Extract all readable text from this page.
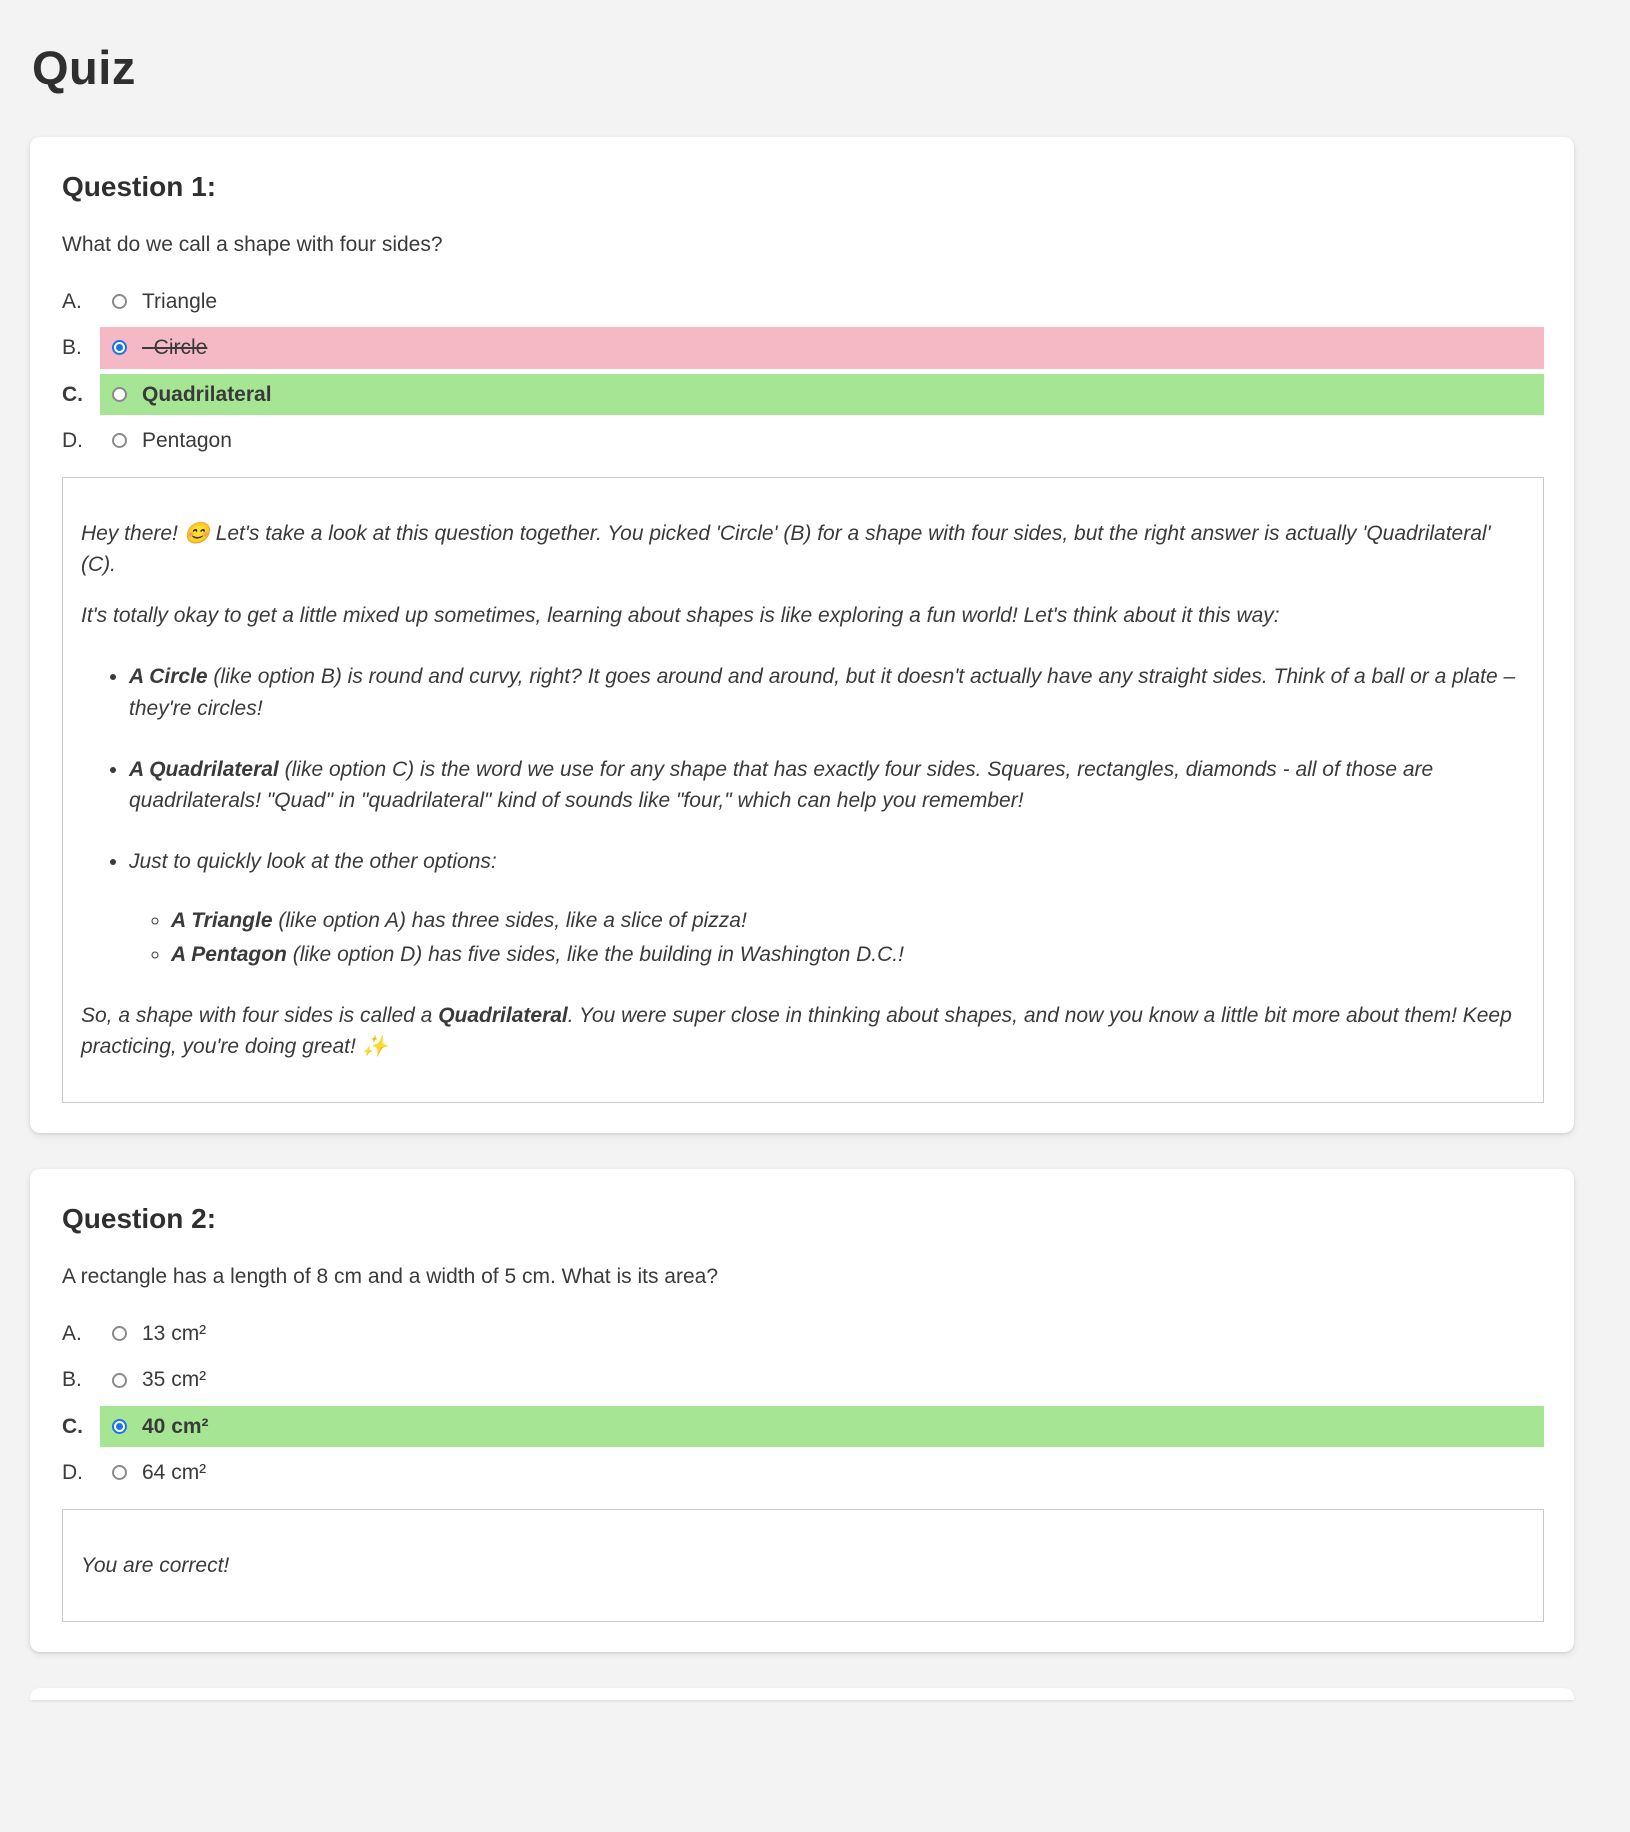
Quiz
Question 1:

What do we call a shape with four sides?

A.	Triangle
B.	Circle
C.	Quadrilateral
D.	Pentagon

Hey there! 😊 Let's take a look at this question together. You picked 'Circle' (B) for a shape with four sides, but the right answer is actually 'Quadrilateral' (C).

It's totally okay to get a little mixed up sometimes, learning about shapes is like exploring a fun world! Let's think about it this way:

• A Circle (like option B) is round and curvy, right? It goes around and around, but it doesn't actually have any straight sides. Think of a ball or a plate – they're circles!
• A Quadrilateral (like option C) is the word we use for any shape that has exactly four sides. Squares, rectangles, diamonds - all of those are quadrilaterals! "Quad" in "quadrilateral" kind of sounds like "four," which can help you remember!
• Just to quickly look at the other options:
◦ A Triangle (like option A) has three sides, like a slice of pizza!
◦ A Pentagon (like option D) has five sides, like the building in Washington D.C.!

So, a shape with four sides is called a Quadrilateral. You were super close in thinking about shapes, and now you know a little bit more about them! Keep practicing, you're doing great! ✨

Question 2:

A rectangle has a length of 8 cm and a width of 5 cm. What is its area?

A.	13 cm²
B.	35 cm²
C.	40 cm²
D.	64 cm²

You are correct!
